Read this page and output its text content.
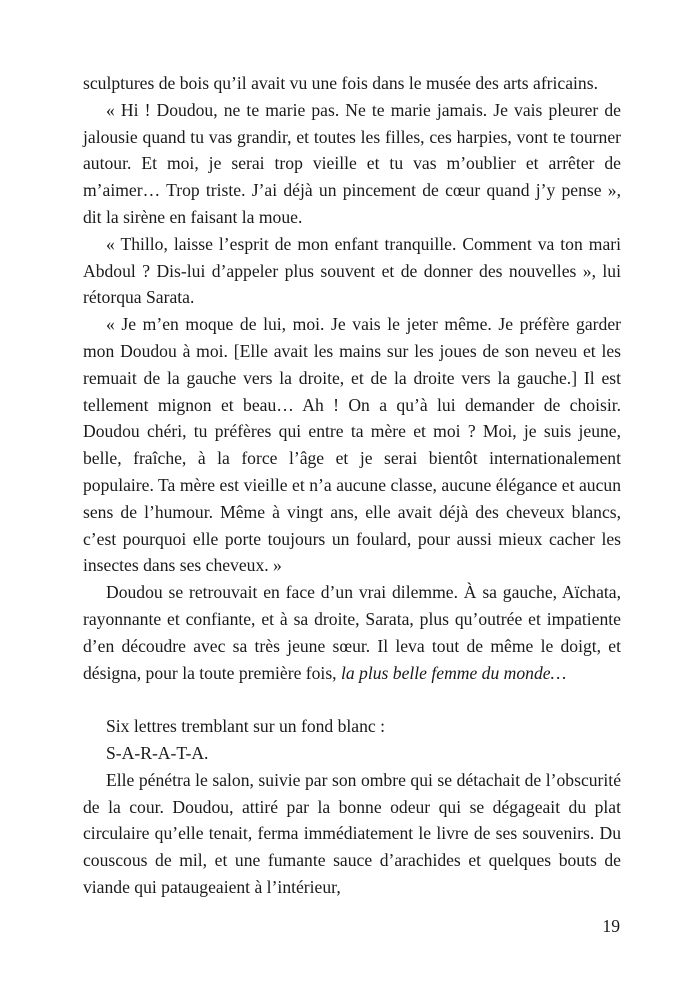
sculptures de bois qu’il avait vu une fois dans le musée des arts africains.

« Hi ! Doudou, ne te marie pas. Ne te marie jamais. Je vais pleurer de jalousie quand tu vas grandir, et toutes les filles, ces harpies, vont te tourner autour. Et moi, je serai trop vieille et tu vas m’oublier et arrêter de m’aimer… Trop triste. J’ai déjà un pincement de cœur quand j’y pense », dit la sirène en faisant la moue.

« Thillo, laisse l’esprit de mon enfant tranquille. Comment va ton mari Abdoul ? Dis-lui d’appeler plus souvent et de donner des nouvelles », lui rétorqua Sarata.

« Je m’en moque de lui, moi. Je vais le jeter même. Je préfère garder mon Doudou à moi. [Elle avait les mains sur les joues de son neveu et les remuait de la gauche vers la droite, et de la droite vers la gauche.] Il est tellement mignon et beau… Ah ! On a qu’à lui demander de choisir. Doudou chéri, tu préfères qui entre ta mère et moi ? Moi, je suis jeune, belle, fraîche, à la force l’âge et je serai bientôt internationalement populaire. Ta mère est vieille et n’a aucune classe, aucune élégance et aucun sens de l’humour. Même à vingt ans, elle avait déjà des cheveux blancs, c’est pourquoi elle porte toujours un foulard, pour aussi mieux cacher les insectes dans ses cheveux. »

Doudou se retrouvait en face d’un vrai dilemme. À sa gauche, Aïchata, rayonnante et confiante, et à sa droite, Sarata, plus qu’outrée et impatiente d’en découdre avec sa très jeune sœur. Il leva tout de même le doigt, et désigna, pour la toute première fois, la plus belle femme du monde…

Six lettres tremblant sur un fond blanc :

S-A-R-A-T-A.

Elle pénétra le salon, suivie par son ombre qui se détachait de l’obscurité de la cour. Doudou, attiré par la bonne odeur qui se dégageait du plat circulaire qu’elle tenait, ferma immédiatement le livre de ses souvenirs. Du couscous de mil, et une fumante sauce d’arachides et quelques bouts de viande qui pataugeaient à l’intérieur,

19
